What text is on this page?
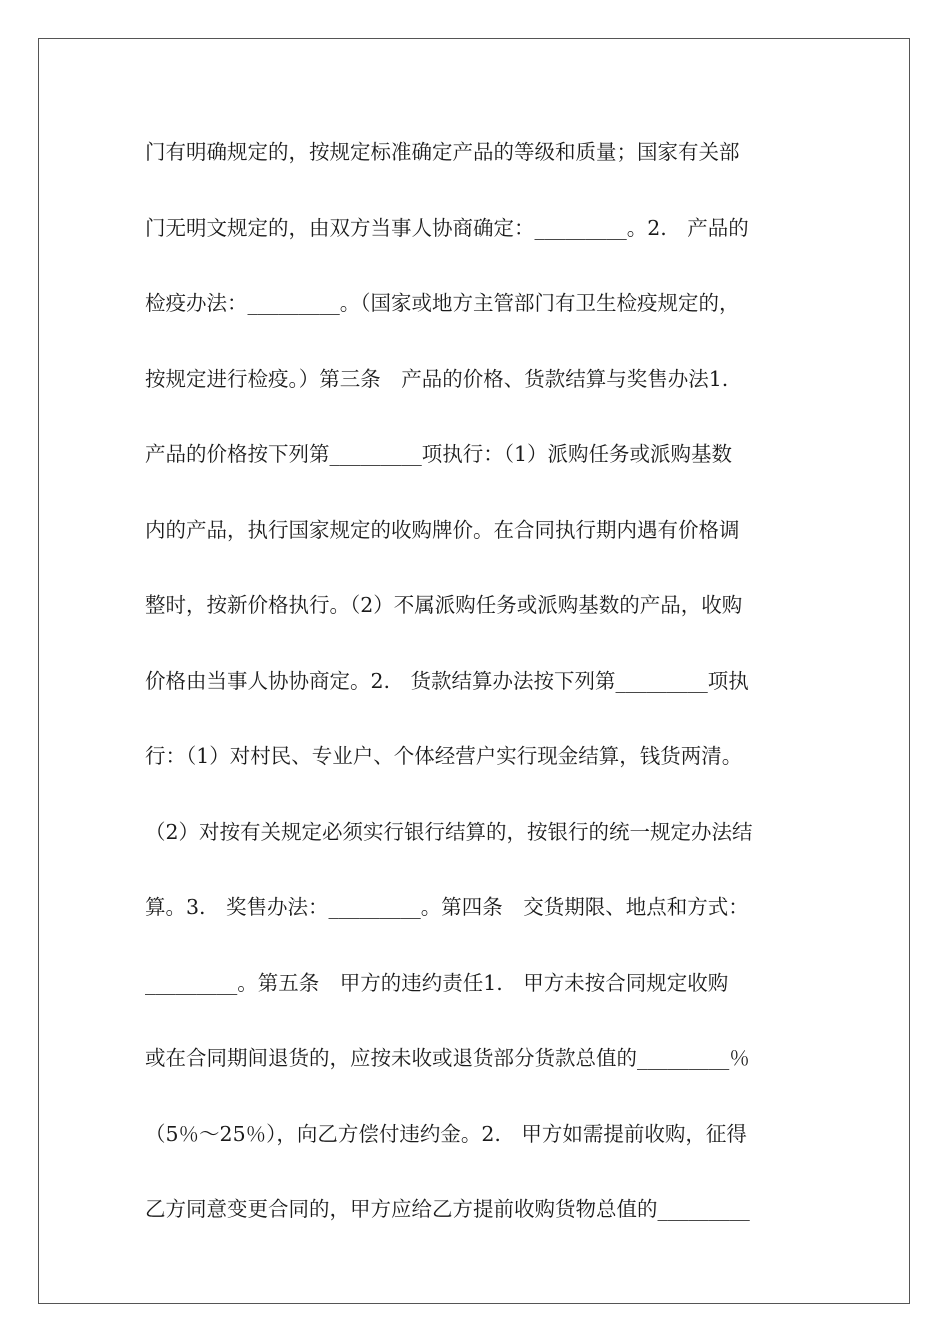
门有明确规定的，按规定标准确定产品的等级和质量；国家有关部
门无明文规定的，由双方当事人协商确定：_________。2.　产品的
检疫办法：_________。（国家或地方主管部门有卫生检疫规定的，
按规定进行检疫。）第三条　产品的价格、货款结算与奖售办法1.
产品的价格按下列第_________项执行：（1）派购任务或派购基数
内的产品，执行国家规定的收购牌价。在合同执行期内遇有价格调
整时，按新价格执行。（2）不属派购任务或派购基数的产品，收购
价格由当事人协协商定。2.　货款结算办法按下列第_________项执
行：（1）对村民、专业户、个体经营户实行现金结算，钱货两清。
（2）对按有关规定必须实行银行结算的，按银行的统一规定办法结
算。3.　奖售办法：_________。第四条　交货期限、地点和方式：
_________。第五条　甲方的违约责任1.　甲方未按合同规定收购
或在合同期间退货的，应按未收或退货部分货款总值的_________％
（5％～25％），向乙方偿付违约金。2.　甲方如需提前收购，征得
乙方同意变更合同的，甲方应给乙方提前收购货物总值的_________
